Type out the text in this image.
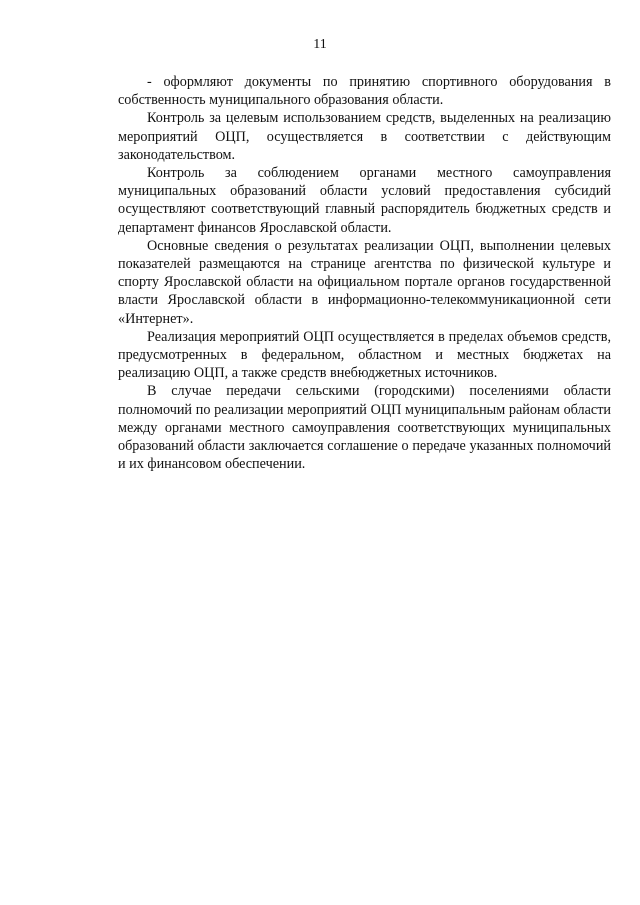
11

- оформляют документы по принятию спортивного оборудования в собственность муниципального образования области.

Контроль за целевым использованием средств, выделенных на реализацию мероприятий ОЦП, осуществляется в соответствии с действующим законодательством.

Контроль за соблюдением органами местного самоуправления муниципальных образований области условий предоставления субсидий осуществляют соответствующий главный распорядитель бюджетных средств и департамент финансов Ярославской области.

Основные сведения о результатах реализации ОЦП, выполнении целевых показателей размещаются на странице агентства по физической культуре и спорту Ярославской области на официальном портале органов государственной власти Ярославской области в информационно-телекоммуникационной сети «Интернет».

Реализация мероприятий ОЦП осуществляется в пределах объемов средств, предусмотренных в федеральном, областном и местных бюджетах на реализацию ОЦП, а также средств внебюджетных источников.

В случае передачи сельскими (городскими) поселениями области полномочий по реализации мероприятий ОЦП муниципальным районам области между органами местного самоуправления соответствующих муниципальных образований области заключается соглашение о передаче указанных полномочий и их финансовом обеспечении.
